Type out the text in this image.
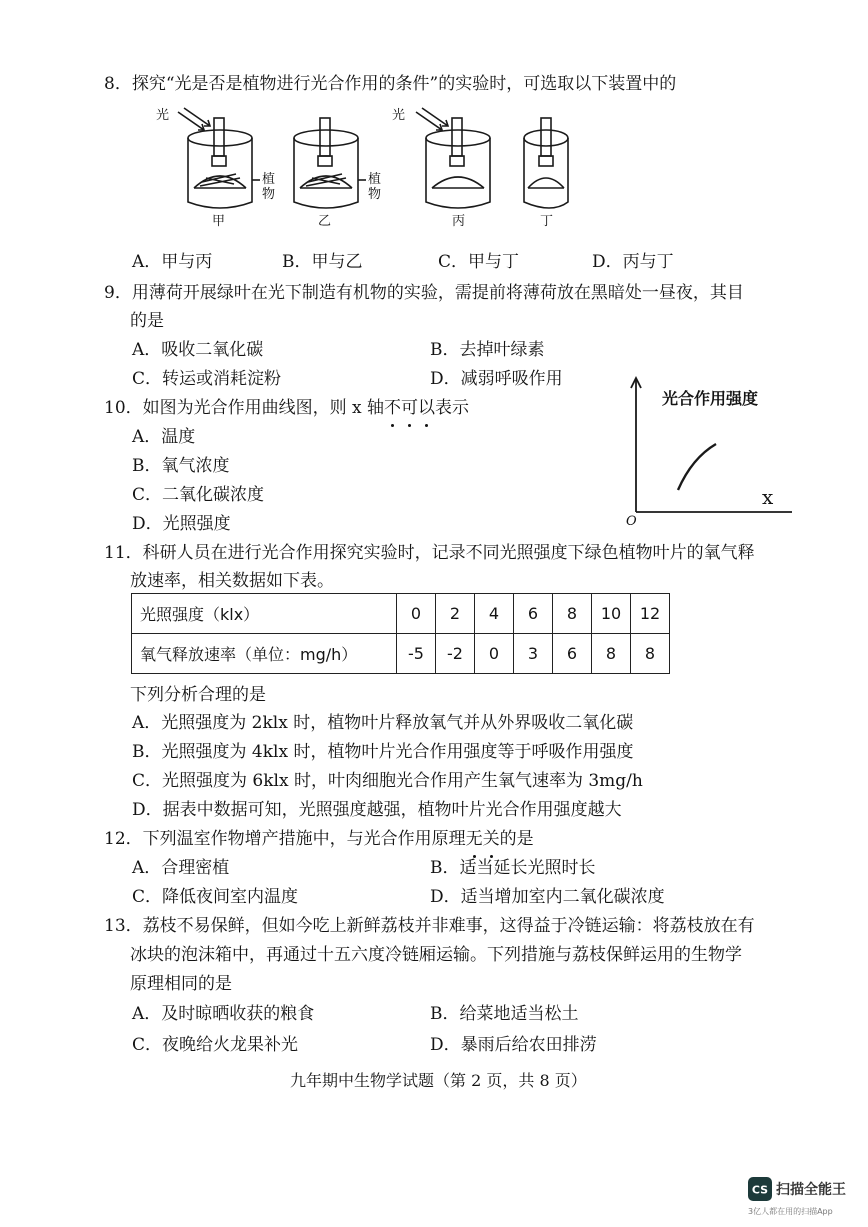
8．探究“光是否是植物进行光合作用的条件”的实验时，可选取以下装置中的
光	光
植物
植物
甲	乙	丙	丁
A．甲与丙	B．甲与乙	C．甲与丁	D．丙与丁
9．用薄荷开展绿叶在光下制造有机物的实验，需提前将薄荷放在黑暗处一昼夜，其目
的是
A．吸收二氧化碳	B．去掉叶绿素
C．转运或消耗淀粉	D．减弱呼吸作用
10．如图为光合作用曲线图，则 x 轴不可以表示
A．温度
B．氧气浓度
C．二氧化碳浓度
D．光照强度
光合作用强度
x
O
11．科研人员在进行光合作用探究实验时，记录不同光照强度下绿色植物叶片的氧气释
放速率，相关数据如下表。
光照强度（klx）	0	2	4	6	8	10	12
氧气释放速率（单位：mg/h）	-5	-2	0	3	6	8	8
下列分析合理的是
A．光照强度为 2klx 时，植物叶片释放氧气并从外界吸收二氧化碳
B．光照强度为 4klx 时，植物叶片光合作用强度等于呼吸作用强度
C．光照强度为 6klx 时，叶肉细胞光合作用产生氧气速率为 3mg/h
D．据表中数据可知，光照强度越强，植物叶片光合作用强度越大
12．下列温室作物增产措施中，与光合作用原理无关的是
A．合理密植	B．适当延长光照时长
C．降低夜间室内温度	D．适当增加室内二氧化碳浓度
13．荔枝不易保鲜，但如今吃上新鲜荔枝并非难事，这得益于冷链运输：将荔枝放在有
冰块的泡沫箱中，再通过十五六度冷链厢运输。下列措施与荔枝保鲜运用的生物学
原理相同的是
A．及时晾晒收获的粮食	B．给菜地适当松土
C．夜晚给火龙果补光	D．暴雨后给农田排涝
九年期中生物学试题（第 2 页，共 8 页）
CS 扫描全能王
3亿人都在用的扫描App
